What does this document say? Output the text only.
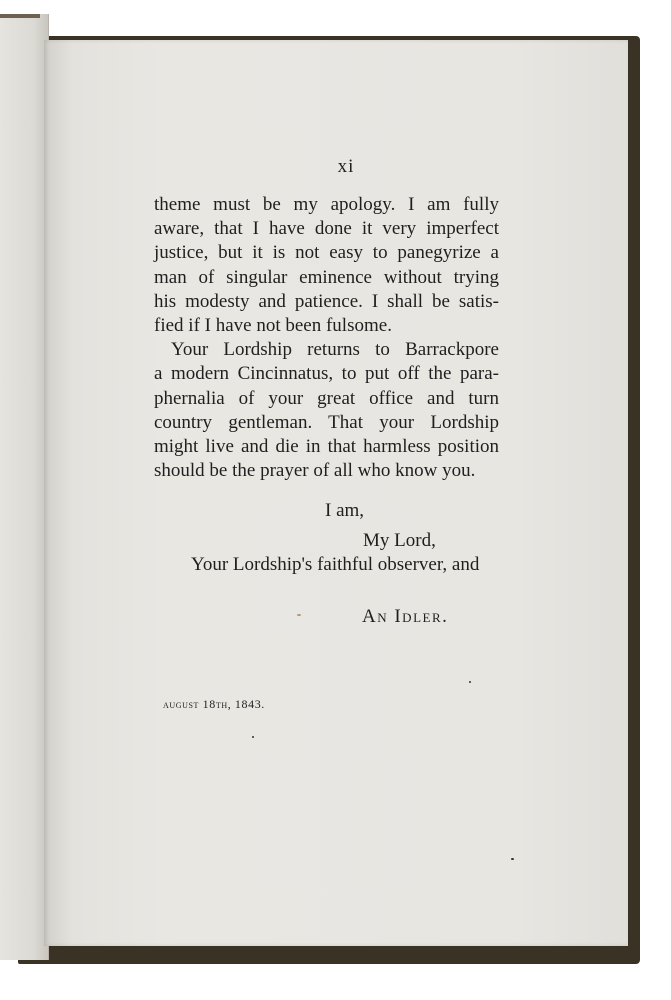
xi
theme must be my apology. I am fully
aware, that I have done it very imperfect
justice, but it is not easy to panegyrize a
man of singular eminence without trying
his modesty and patience. I shall be satis-
fied if I have not been fulsome.
Your Lordship returns to Barrackpore
a modern Cincinnatus, to put off the para-
phernalia of your great office and turn
country gentleman. That your Lordship
might live and die in that harmless position
should be the prayer of all who know you.
I am,
My Lord,
Your Lordship's faithful observer, and
An Idler.
august 18th, 1843.
